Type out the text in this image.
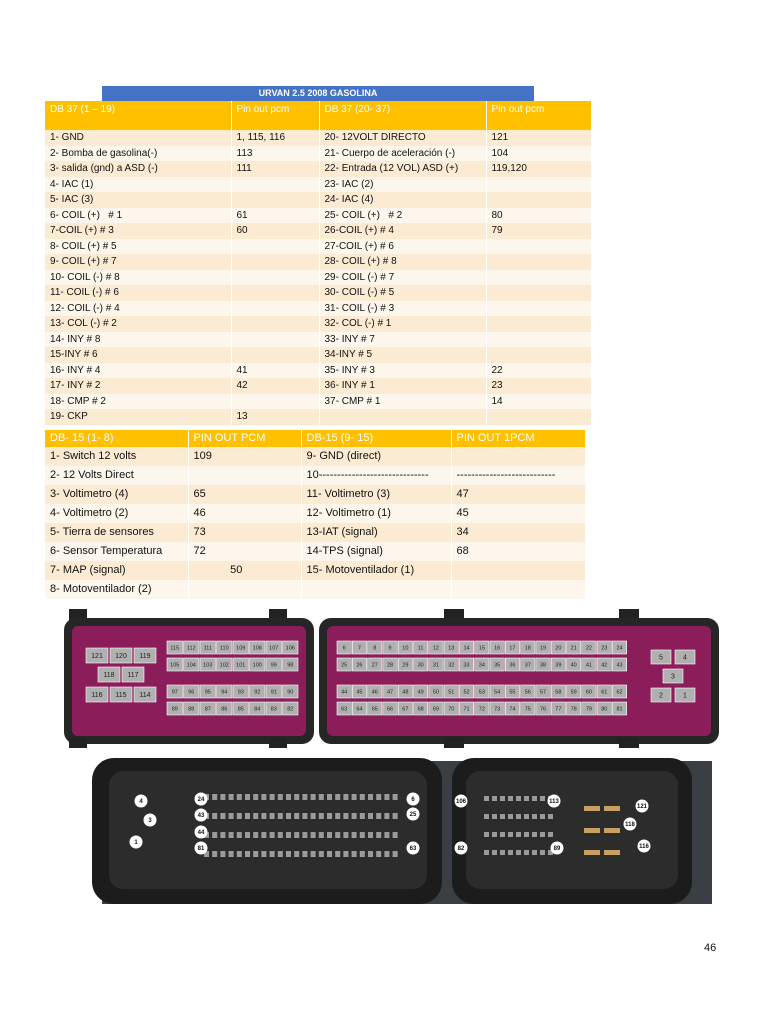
URVAN 2.5 2008 GASOLINA
DB 37 (1 – 19)	Pin out pcm	DB 37 (20- 37)	Pin out pcm
1- GND	1, 115, 116	20- 12VOLT DIRECTO	121
2- Bomba de gasolina(-)	113	21- Cuerpo de aceleración (-)	104
3- salida (gnd) a ASD (-)	111	22- Entrada (12 VOL) ASD (+)	119,120
4- IAC (1)		23- IAC (2)	
5- IAC (3)		24- IAC (4)	
6- COIL (+)   # 1	61	25- COIL (+)   # 2	80
7-COIL (+) # 3	60	26-COIL (+) # 4	79
8- COIL (+) # 5		27-COIL (+) # 6	
9- COIL (+) # 7		28- COIL (+) # 8	
10- COIL (-) # 8		29- COIL (-) # 7	
11- COIL (-) # 6		30- COIL (-) # 5	
12- COIL (-) # 4		31- COIL (-) # 3	
13- COL (-) # 2		32- COL (-) # 1	
14- INY # 8		33- INY # 7	
15-INY # 6		34-INY # 5	
16- INY # 4	41	35- INY # 3	22
17- INY # 2	42	36- INY # 1	23
18- CMP # 2		37- CMP # 1	14
19- CKP	13		
DB- 15 (1- 8)	PIN OUT PCM	DB-15 (9- 15)	PIN OUT 1PCM
1- Switch 12 volts	109	9- GND (direct)	
2- 12 Volts Direct		10------------------------------	---------------------------
3- Voltimetro (4)	65	11- Voltimetro (3)	47
4- Voltimetro (2)	46	12- Voltimetro (1)	45
5- Tierra de sensores	73	13-IAT (signal)	34
6- Sensor Temperatura	72	14-TPS (signal)	68
7- MAP (signal)	50	15- Motoventilador (1)	
8- Motoventilador (2)			
121 120 119
118 117
116 115 114
115 112 111 110 109 108 107 106
105 104 103 102 101 100 99 98
97 96 95 94 93 92 91 90
89 88 87 86 85 84 83 82
6 7 8 9 10 11 12 13 14 15 16 17 18 19 20 21 22 23 24
25 26 27 28 29 30 31 32 33 34 35 36 37 38 39 40 41 42 43
44 45 46 47 48 49 50 51 52 53 54 55 56 57 58 59 60 61 62
63 64 65 66 67 68 69 70 71 72 73 74 75 76 77 78 79 80 81
5	4
3
2	1
4	24	6
3
43	25
44
1
81	63
106	113
121
118
82	89	116
46
